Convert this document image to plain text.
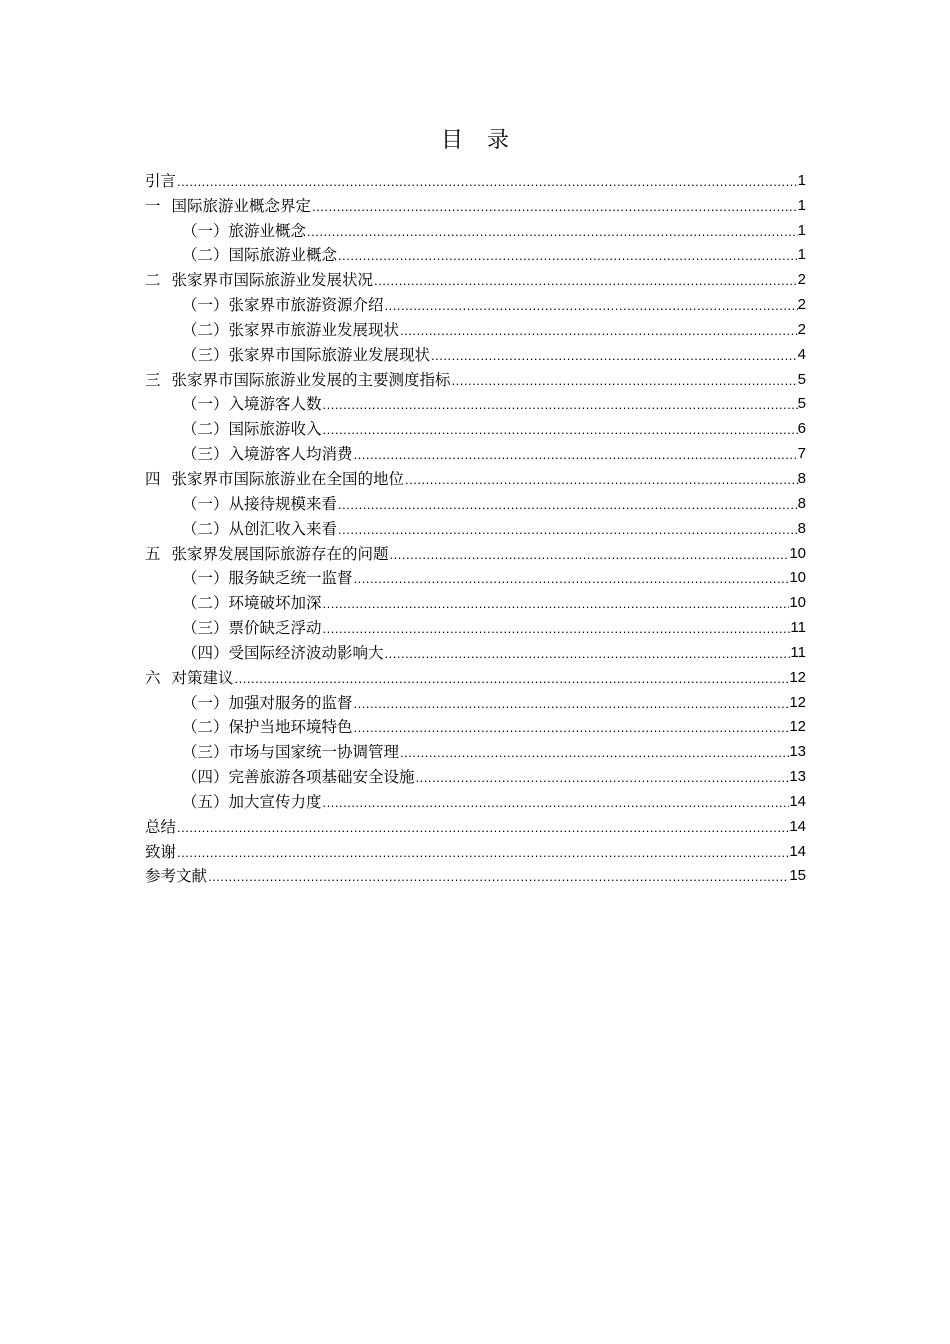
目 录
引言 .....	1
一 国际旅游业概念界定 .....	1
（一） 旅游业概念 .....	1
（二） 国际旅游业概念 .....	1
二 张家界市国际旅游业发展状况 .....	2
（一） 张家界市旅游资源介绍 .....	2
（二） 张家界市旅游业发展现状 .....	2
（三） 张家界市国际旅游业发展现状 .....	4
三 张家界市国际旅游业发展的主要测度指标 .....	5
（一） 入境游客人数 .....	5
（二） 国际旅游收入 .....	6
（三） 入境游客人均消费 .....	7
四 张家界市国际旅游业在全国的地位 .....	8
（一） 从接待规模来看 .....	8
（二） 从创汇收入来看 .....	8
五 张家界发展国际旅游存在的问题 .....	10
（一） 服务缺乏统一监督 .....	10
（二） 环境破坏加深 .....	10
（三） 票价缺乏浮动 .....	11
（四） 受国际经济波动影响大 .....	11
六 对策建议 .....	12
（一） 加强对服务的监督 .....	12
（二） 保护当地环境特色 .....	12
（三） 市场与国家统一协调管理 .....	13
（四） 完善旅游各项基础安全设施 .....	13
（五） 加大宣传力度 .....	14
总结 .....	14
致谢 .....	14
参考文献 .....	15
